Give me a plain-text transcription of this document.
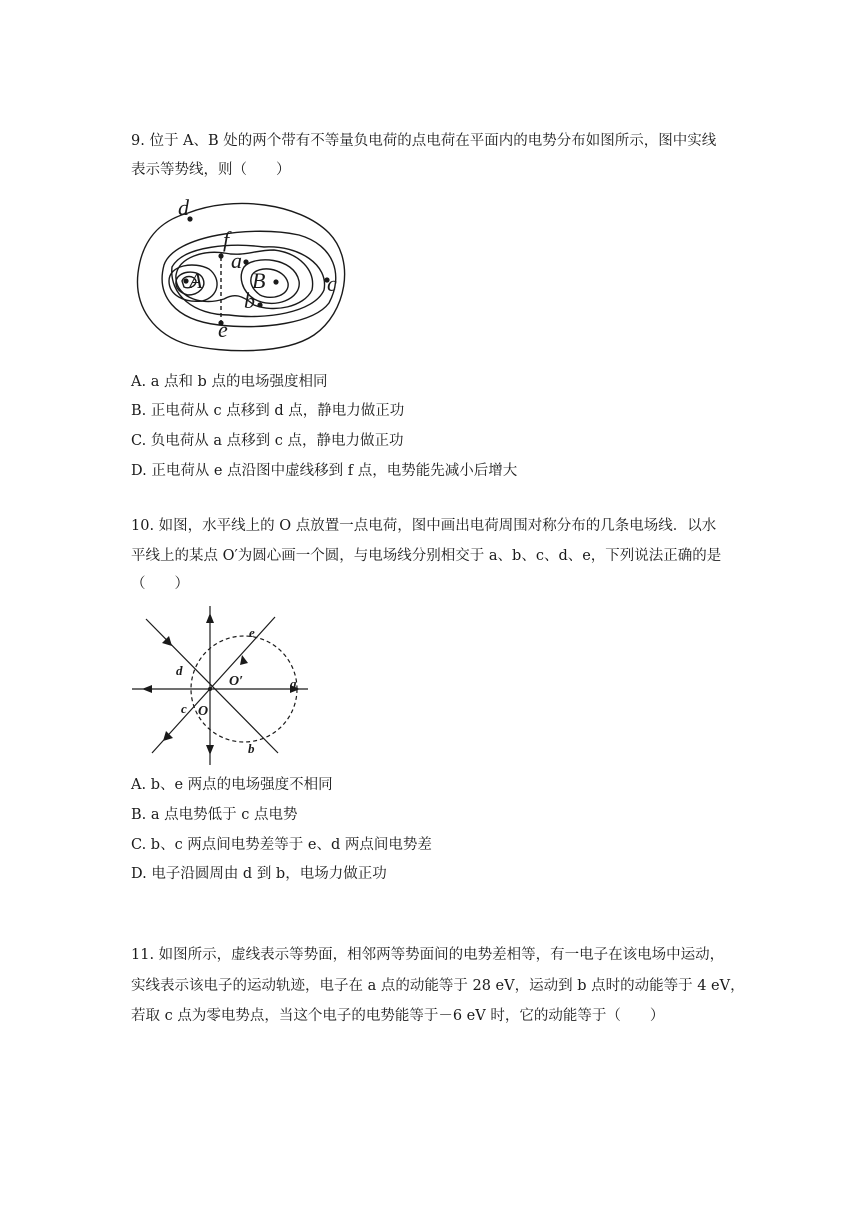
9. 位于 A、B 处的两个带有不等量负电荷的点电荷在平面内的电势分布如图所示，图中实线
表示等势线，则（　　）
d
f
a
A B	c
b
e
A. a 点和 b 点的电场强度相同
B. 正电荷从 c 点移到 d 点，静电力做正功
C. 负电荷从 a 点移到 c 点，静电力做正功
D. 正电荷从 e 点沿图中虚线移到 f 点，电势能先减小后增大
10. 如图，水平线上的 O 点放置一点电荷，图中画出电荷周围对称分布的几条电场线．以水
平线上的某点 O′为圆心画一个圆，与电场线分别相交于 a、b、c、d、e，下列说法正确的是
（　　）
e
d
O′	a
c O
b
A. b、e 两点的电场强度不相同
B. a 点电势低于 c 点电势
C. b、c 两点间电势差等于 e、d 两点间电势差
D. 电子沿圆周由 d 到 b，电场力做正功
11. 如图所示，虚线表示等势面，相邻两等势面间的电势差相等，有一电子在该电场中运动，
实线表示该电子的运动轨迹，电子在 a 点的动能等于 28 eV，运动到 b 点时的动能等于 4 eV，
若取 c 点为零电势点，当这个电子的电势能等于－6 eV 时，它的动能等于（　　）
